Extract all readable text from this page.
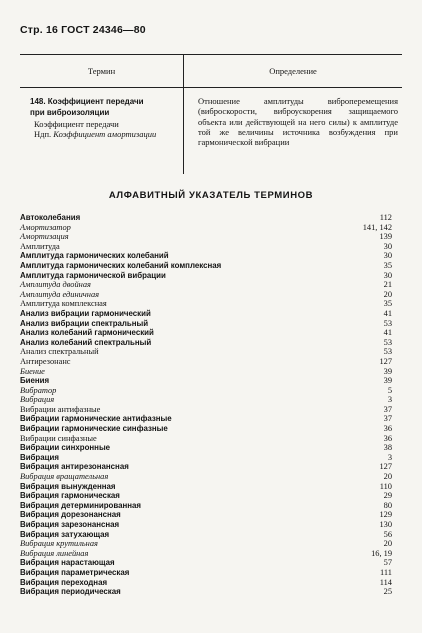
Стр. 16 ГОСТ 24346—80
Термин	Определение
148. Коэффициент передачи
при виброизоляции
Коэффициент передачи
Ндп. Коэффициент амортизации
Отношение амплитуды виброперемещения (виброскорости, виброускорения защищаемого объекта или действующей на него силы) к амплитуде той же величины источника возбуждения при гармонической вибрации
АЛФАВИТНЫЙ УКАЗАТЕЛЬ ТЕРМИНОВ
Автоколебания	112
Амортизатор	141, 142
Амортизация	139
Амплитуда	30
Амплитуда гармонических колебаний	30
Амплитуда гармонических колебаний комплексная	35
Амплитуда гармонической вибрации	30
Амплитуда двойная	21
Амплитуда единичная	20
Амплитуда комплексная	35
Анализ вибрации гармонический	41
Анализ вибрации спектральный	53
Анализ колебаний гармонический	41
Анализ колебаний спектральный	53
Анализ спектральный	53
Антирезонанс	127
Биение	39
Биения	39
Вибратор	5
Вибрация	3
Вибрации антифазные	37
Вибрации гармонические антифазные	37
Вибрации гармонические синфазные	36
Вибрации синфазные	36
Вибрации синхронные	38
Вибрация	3
Вибрация антирезонансная	127
Вибрация вращательная	20
Вибрация вынужденная	110
Вибрация гармоническая	29
Вибрация детерминированная	80
Вибрация дорезонансная	129
Вибрация зарезонансная	130
Вибрация затухающая	56
Вибрация крутильная	20
Вибрация линейная	16, 19
Вибрация нарастающая	57
Вибрация параметрическая	111
Вибрация переходная	114
Вибрация периодическая	25
